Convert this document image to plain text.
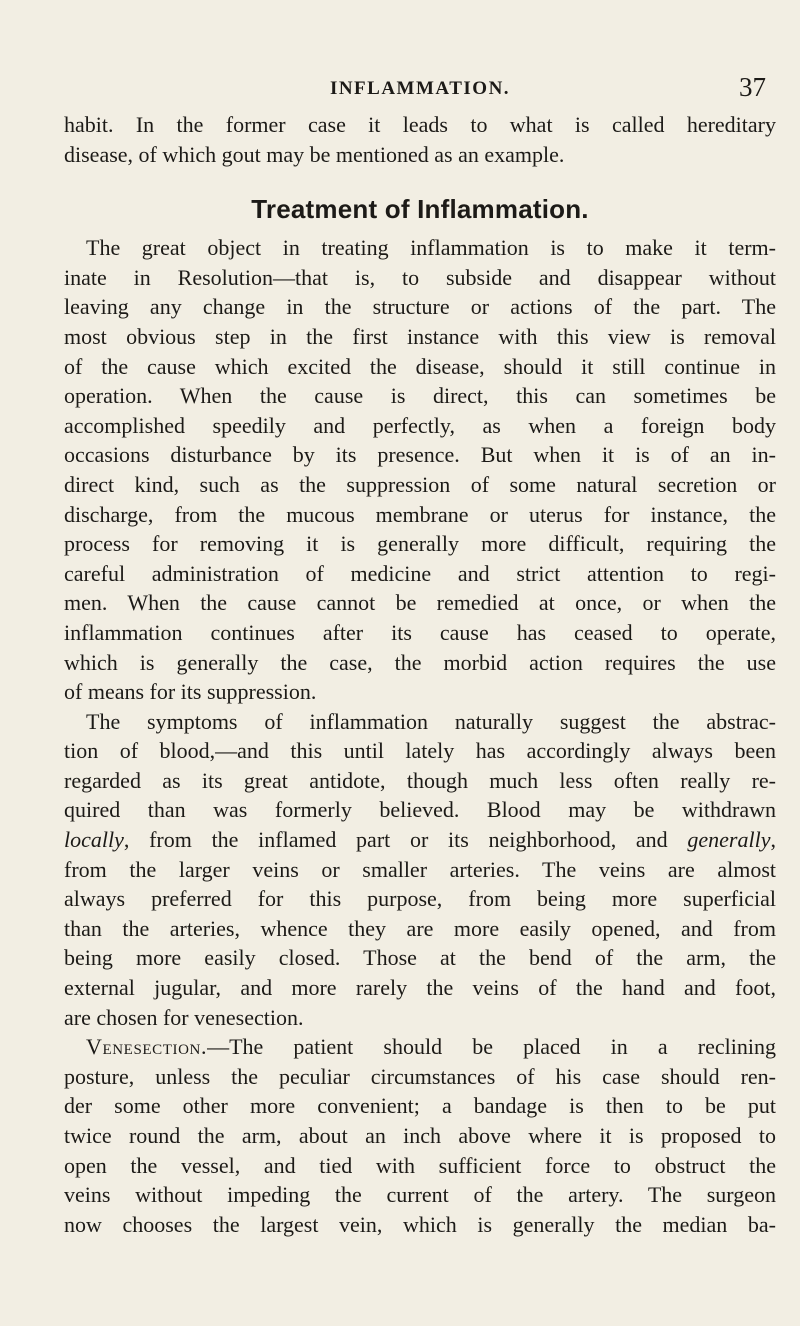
INFLAMMATION.	37
habit. In the former case it leads to what is called hereditary
disease, of which gout may be mentioned as an example.
Treatment of Inflammation.
The great object in treating inflammation is to make it term-
inate in Resolution—that is, to subside and disappear without
leaving any change in the structure or actions of the part. The
most obvious step in the first instance with this view is removal
of the cause which excited the disease, should it still continue in
operation. When the cause is direct, this can sometimes be
accomplished speedily and perfectly, as when a foreign body
occasions disturbance by its presence. But when it is of an in-
direct kind, such as the suppression of some natural secretion or
discharge, from the mucous membrane or uterus for instance, the
process for removing it is generally more difficult, requiring the
careful administration of medicine and strict attention to regi-
men. When the cause cannot be remedied at once, or when the
inflammation continues after its cause has ceased to operate,
which is generally the case, the morbid action requires the use
of means for its suppression.
The symptoms of inflammation naturally suggest the abstrac-
tion of blood,—and this until lately has accordingly always been
regarded as its great antidote, though much less often really re-
quired than was formerly believed. Blood may be withdrawn
locally, from the inflamed part or its neighborhood, and generally,
from the larger veins or smaller arteries. The veins are almost
always preferred for this purpose, from being more superficial
than the arteries, whence they are more easily opened, and from
being more easily closed. Those at the bend of the arm, the
external jugular, and more rarely the veins of the hand and foot,
are chosen for venesection.
Venesection.—The patient should be placed in a reclining
posture, unless the peculiar circumstances of his case should ren-
der some other more convenient; a bandage is then to be put
twice round the arm, about an inch above where it is proposed to
open the vessel, and tied with sufficient force to obstruct the
veins without impeding the current of the artery. The surgeon
now chooses the largest vein, which is generally the median ba-
